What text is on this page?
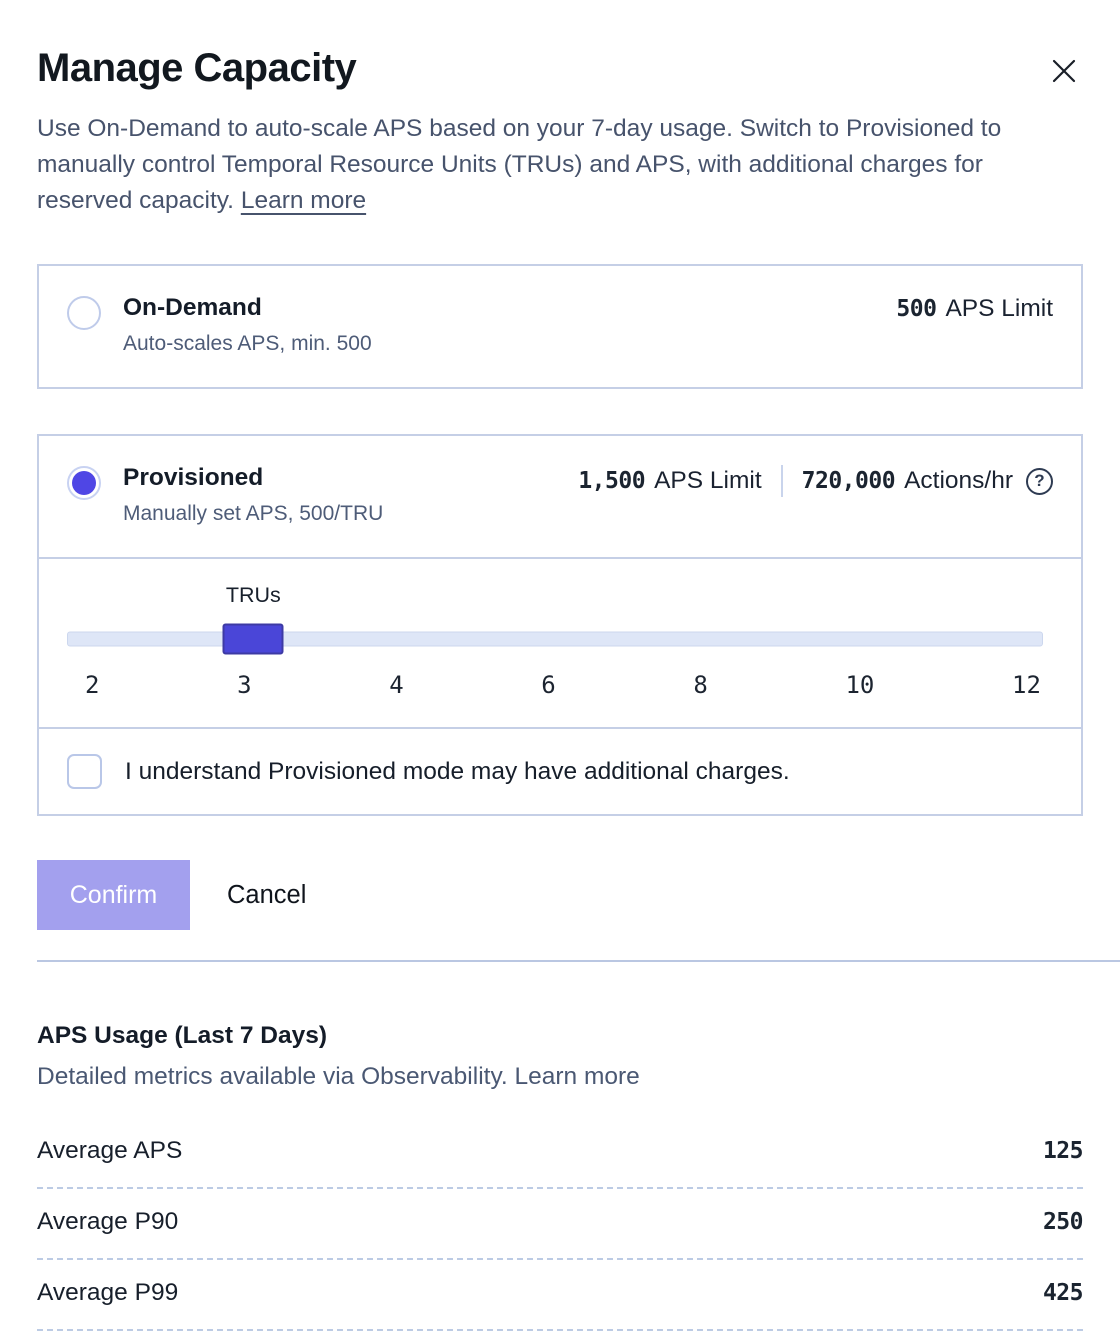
Manage Capacity

Use On-Demand to auto-scale APS based on your 7-day usage. Switch to Provisioned to manually control Temporal Resource Units (TRUs) and APS, with additional charges for reserved capacity. Learn more

On-Demand
Auto-scales APS, min. 500
500 APS Limit
Provisioned
Manually set APS, 500/TRU
1,500 APS Limit 720,000 Actions/hr	?
TRUs
2	3	4	6	8	10	12
I understand Provisioned mode may have additional charges.
Confirm	Cancel
APS Usage (Last 7 Days)
Detailed metrics available via Observability. Learn more
Average APS	125
Average P90	250
Average P99	425
